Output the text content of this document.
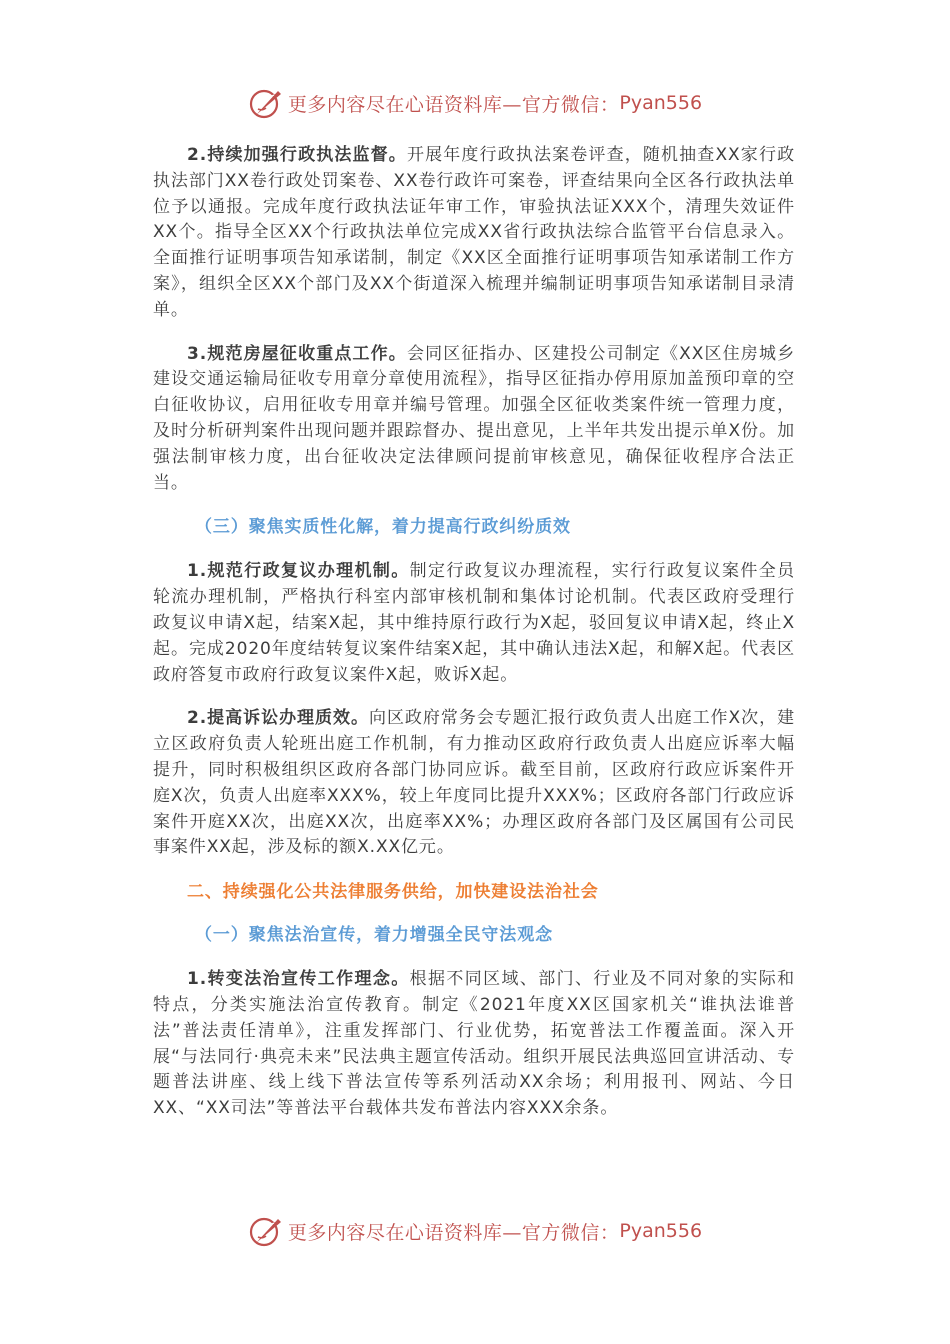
更多内容尽在心语资料库—官方微信： Pyan556

2.持续加强行政执法监督。开展年度行政执法案卷评查，随机抽查XX家行政执法部门XX卷行政处罚案卷、XX卷行政许可案卷，评查结果向全区各行政执法单位予以通报。完成年度行政执法证年审工作，审验执法证XXX个，清理失效证件XX个。指导全区XX个行政执法单位完成XX省行政执法综合监管平台信息录入。全面推行证明事项告知承诺制，制定《XX区全面推行证明事项告知承诺制工作方案》，组织全区XX个部门及XX个街道深入梳理并编制证明事项告知承诺制目录清单。

3.规范房屋征收重点工作。会同区征指办、区建投公司制定《XX区住房城乡建设交通运输局征收专用章分章使用流程》，指导区征指办停用原加盖预印章的空白征收协议，启用征收专用章并编号管理。加强全区征收类案件统一管理力度，及时分析研判案件出现问题并跟踪督办、提出意见，上半年共发出提示单X份。加强法制审核力度，出台征收决定法律顾问提前审核意见，确保征收程序合法正当。

（三）聚焦实质性化解，着力提高行政纠纷质效

1.规范行政复议办理机制。制定行政复议办理流程，实行行政复议案件全员轮流办理机制，严格执行科室内部审核机制和集体讨论机制。代表区政府受理行政复议申请X起，结案X起，其中维持原行政行为X起，驳回复议申请X起，终止X起。完成2020年度结转复议案件结案X起，其中确认违法X起，和解X起。代表区政府答复市政府行政复议案件X起，败诉X起。

2.提高诉讼办理质效。向区政府常务会专题汇报行政负责人出庭工作X次，建立区政府负责人轮班出庭工作机制，有力推动区政府行政负责人出庭应诉率大幅提升，同时积极组织区政府各部门协同应诉。截至目前，区政府行政应诉案件开庭X次，负责人出庭率XXX%，较上年度同比提升XXX%；区政府各部门行政应诉案件开庭XX次，出庭XX次，出庭率XX%；办理区政府各部门及区属国有公司民事案件XX起，涉及标的额X.XX亿元。

二、持续强化公共法律服务供给，加快建设法治社会
（一）聚焦法治宣传，着力增强全民守法观念

1.转变法治宣传工作理念。根据不同区域、部门、行业及不同对象的实际和特点，分类实施法治宣传教育。制定《2021年度XX区国家机关“谁执法谁普法”普法责任清单》，注重发挥部门、行业优势，拓宽普法工作覆盖面。深入开展“与法同行·典亮未来”民法典主题宣传活动。组织开展民法典巡回宣讲活动、专题普法讲座、线上线下普法宣传等系列活动XX余场；利用报刊、网站、今日XX、“XX司法”等普法平台载体共发布普法内容XXX余条。

更多内容尽在心语资料库—官方微信： Pyan556
